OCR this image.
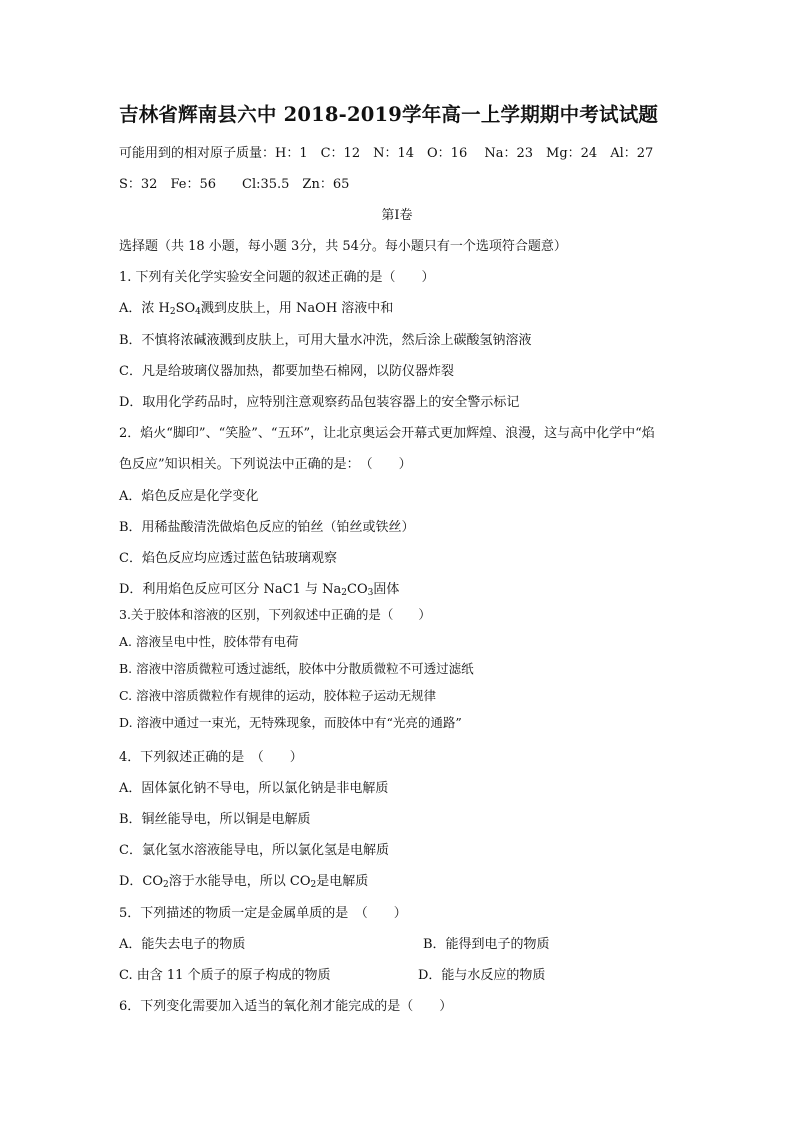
吉林省辉南县六中 2018-2019学年高一上学期期中考试试题
可能用到的相对原子质量：H：1　C：12　N：14　O：16　 Na：23　Mg：24　Al：27
S：32　Fe：56　　Cl:35.5　Zn：65
第I卷
选择题（共 18 小题，每小题 3分，共 54分。每小题只有一个选项符合题意）
1. 下列有关化学实验安全问题的叙述正确的是（　　）
A．浓 $H_2SO_4$溅到皮肤上，用 NaOH 溶液中和
B．不慎将浓碱液溅到皮肤上，可用大量水冲洗，然后涂上碳酸氢钠溶液
C．凡是给玻璃仪器加热，都要加垫石棉网，以防仪器炸裂
D．取用化学药品时，应特别注意观察药品包装容器上的安全警示标记
2．焰火“脚印”、“笑脸”、“五环”，让北京奥运会开幕式更加辉煌、浪漫，这与高中化学中“焰
色反应”知识相关。下列说法中正确的是：　（　　）
A．焰色反应是化学变化
B．用稀盐酸清洗做焰色反应的铂丝（铂丝或铁丝）
C．焰色反应均应透过蓝色钴玻璃观察
D．利用焰色反应可区分 NaC1 与 $Na_2CO_3$固体
3.关于胶体和溶液的区别，下列叙述中正确的是（　　）
A. 溶液呈电中性，胶体带有电荷
B. 溶液中溶质微粒可透过滤纸，胶体中分散质微粒不可透过滤纸
C. 溶液中溶质微粒作有规律的运动，胶体粒子运动无规律
D. 溶液中通过一束光，无特殊现象，而胶体中有“光亮的通路”
4．下列叙述正确的是　（　　）
A．固体氯化钠不导电，所以氯化钠是非电解质
B．铜丝能导电，所以铜是电解质
C．氯化氢水溶液能导电，所以氯化氢是电解质
D．$CO_2$溶于水能导电，所以 $CO_2$是电解质
5．下列描述的物质一定是金属单质的是　（　　）
A．能失去电子的物质	B．能得到电子的物质
C. 由含 11 个质子的原子构成的物质	D．能与水反应的物质
6．下列变化需要加入适当的氧化剂才能完成的是（　　）
